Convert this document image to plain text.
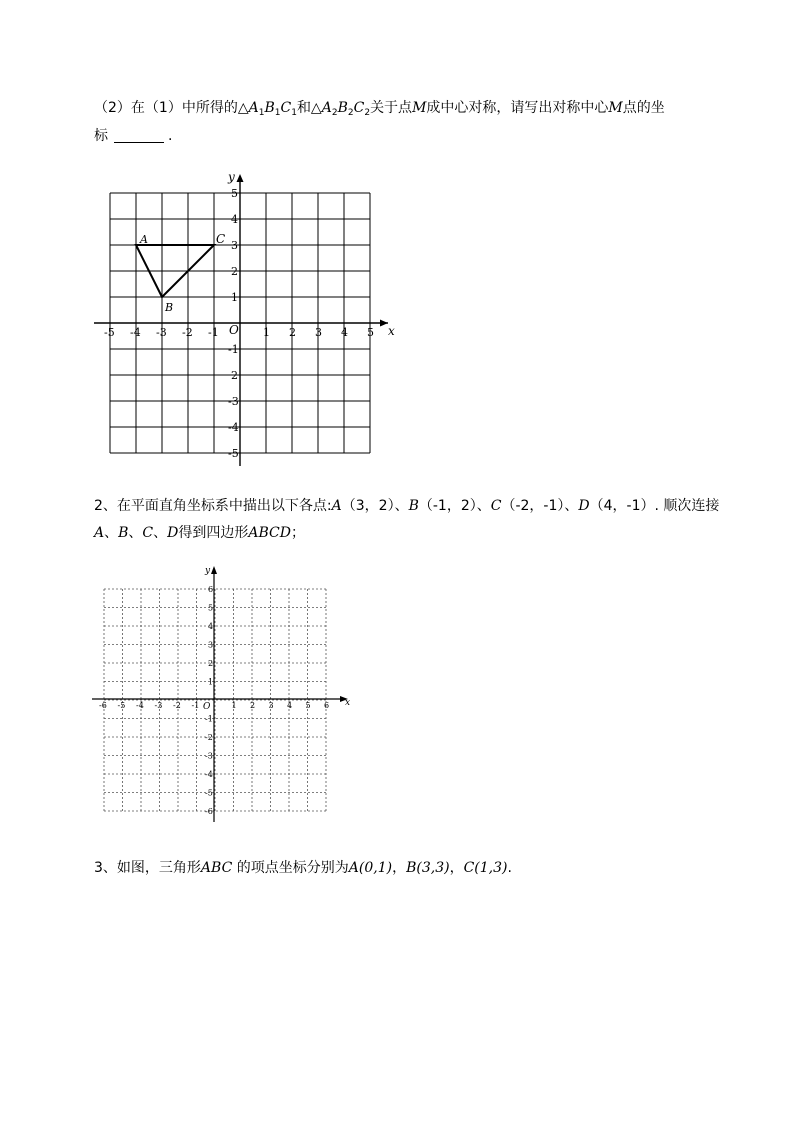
（2）在（1）中所得的$\triangle A_1B_1C_1$和$\triangle A_2B_2C_2$关于点M成中心对称，请写出对称中心M点的坐
标	.
x
y
O
-5 -4 -3 -2 -1	1 2 3 4 5
5
4
3
2
1
-1
2
-3
-4
-5
A
B
C
x
y
O
-6 -5 -4 -3 -2 -1	1 2 3 4 5 6
6
5
4
3
2
1
-1
-2
-3
-4
-5
-6
2、在平面直角坐标系中描出以下各点:A（3，2）、B（-1，2）、C（-2，-1）、D（4，-1）. 顺次连接
A、B、C、D得到四边形ABCD；
3、如图，三角形ABC 的项点坐标分别为A(0,1)，B(3,3)，C(1,3).
